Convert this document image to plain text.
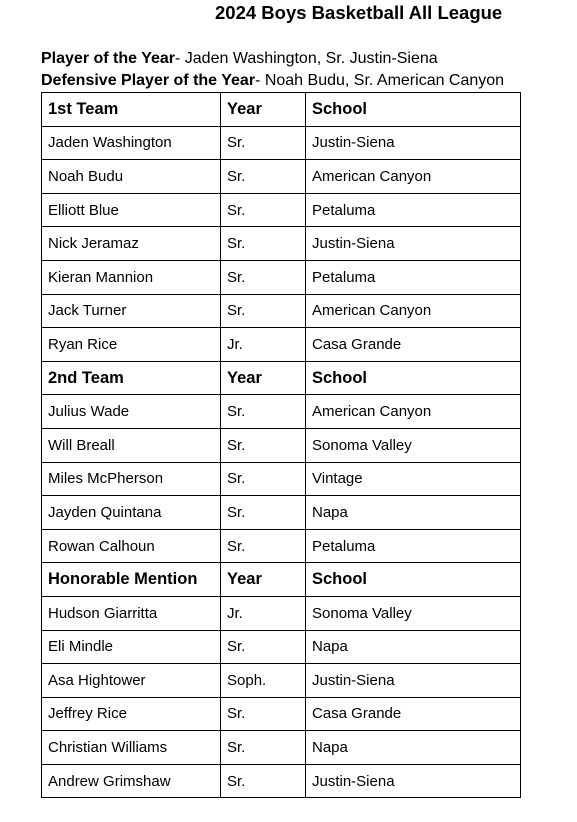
2024 Boys Basketball All League
Player of the Year- Jaden Washington, Sr. Justin-Siena
Defensive Player of the Year- Noah Budu, Sr. American Canyon
1st Team	Year	School
Jaden Washington	Sr.	Justin-Siena
Noah Budu	Sr.	American Canyon
Elliott Blue	Sr.	Petaluma
Nick Jeramaz	Sr.	Justin-Siena
Kieran Mannion	Sr.	Petaluma
Jack Turner	Sr.	American Canyon
Ryan Rice	Jr.	Casa Grande
2nd Team	Year	School
Julius Wade	Sr.	American Canyon
Will Breall	Sr.	Sonoma Valley
Miles McPherson	Sr.	Vintage
Jayden Quintana	Sr.	Napa
Rowan Calhoun	Sr.	Petaluma
Honorable Mention	Year	School
Hudson Giarritta	Jr.	Sonoma Valley
Eli Mindle	Sr.	Napa
Asa Hightower	Soph.	Justin-Siena
Jeffrey Rice	Sr.	Casa Grande
Christian Williams	Sr.	Napa
Andrew Grimshaw	Sr.	Justin-Siena
